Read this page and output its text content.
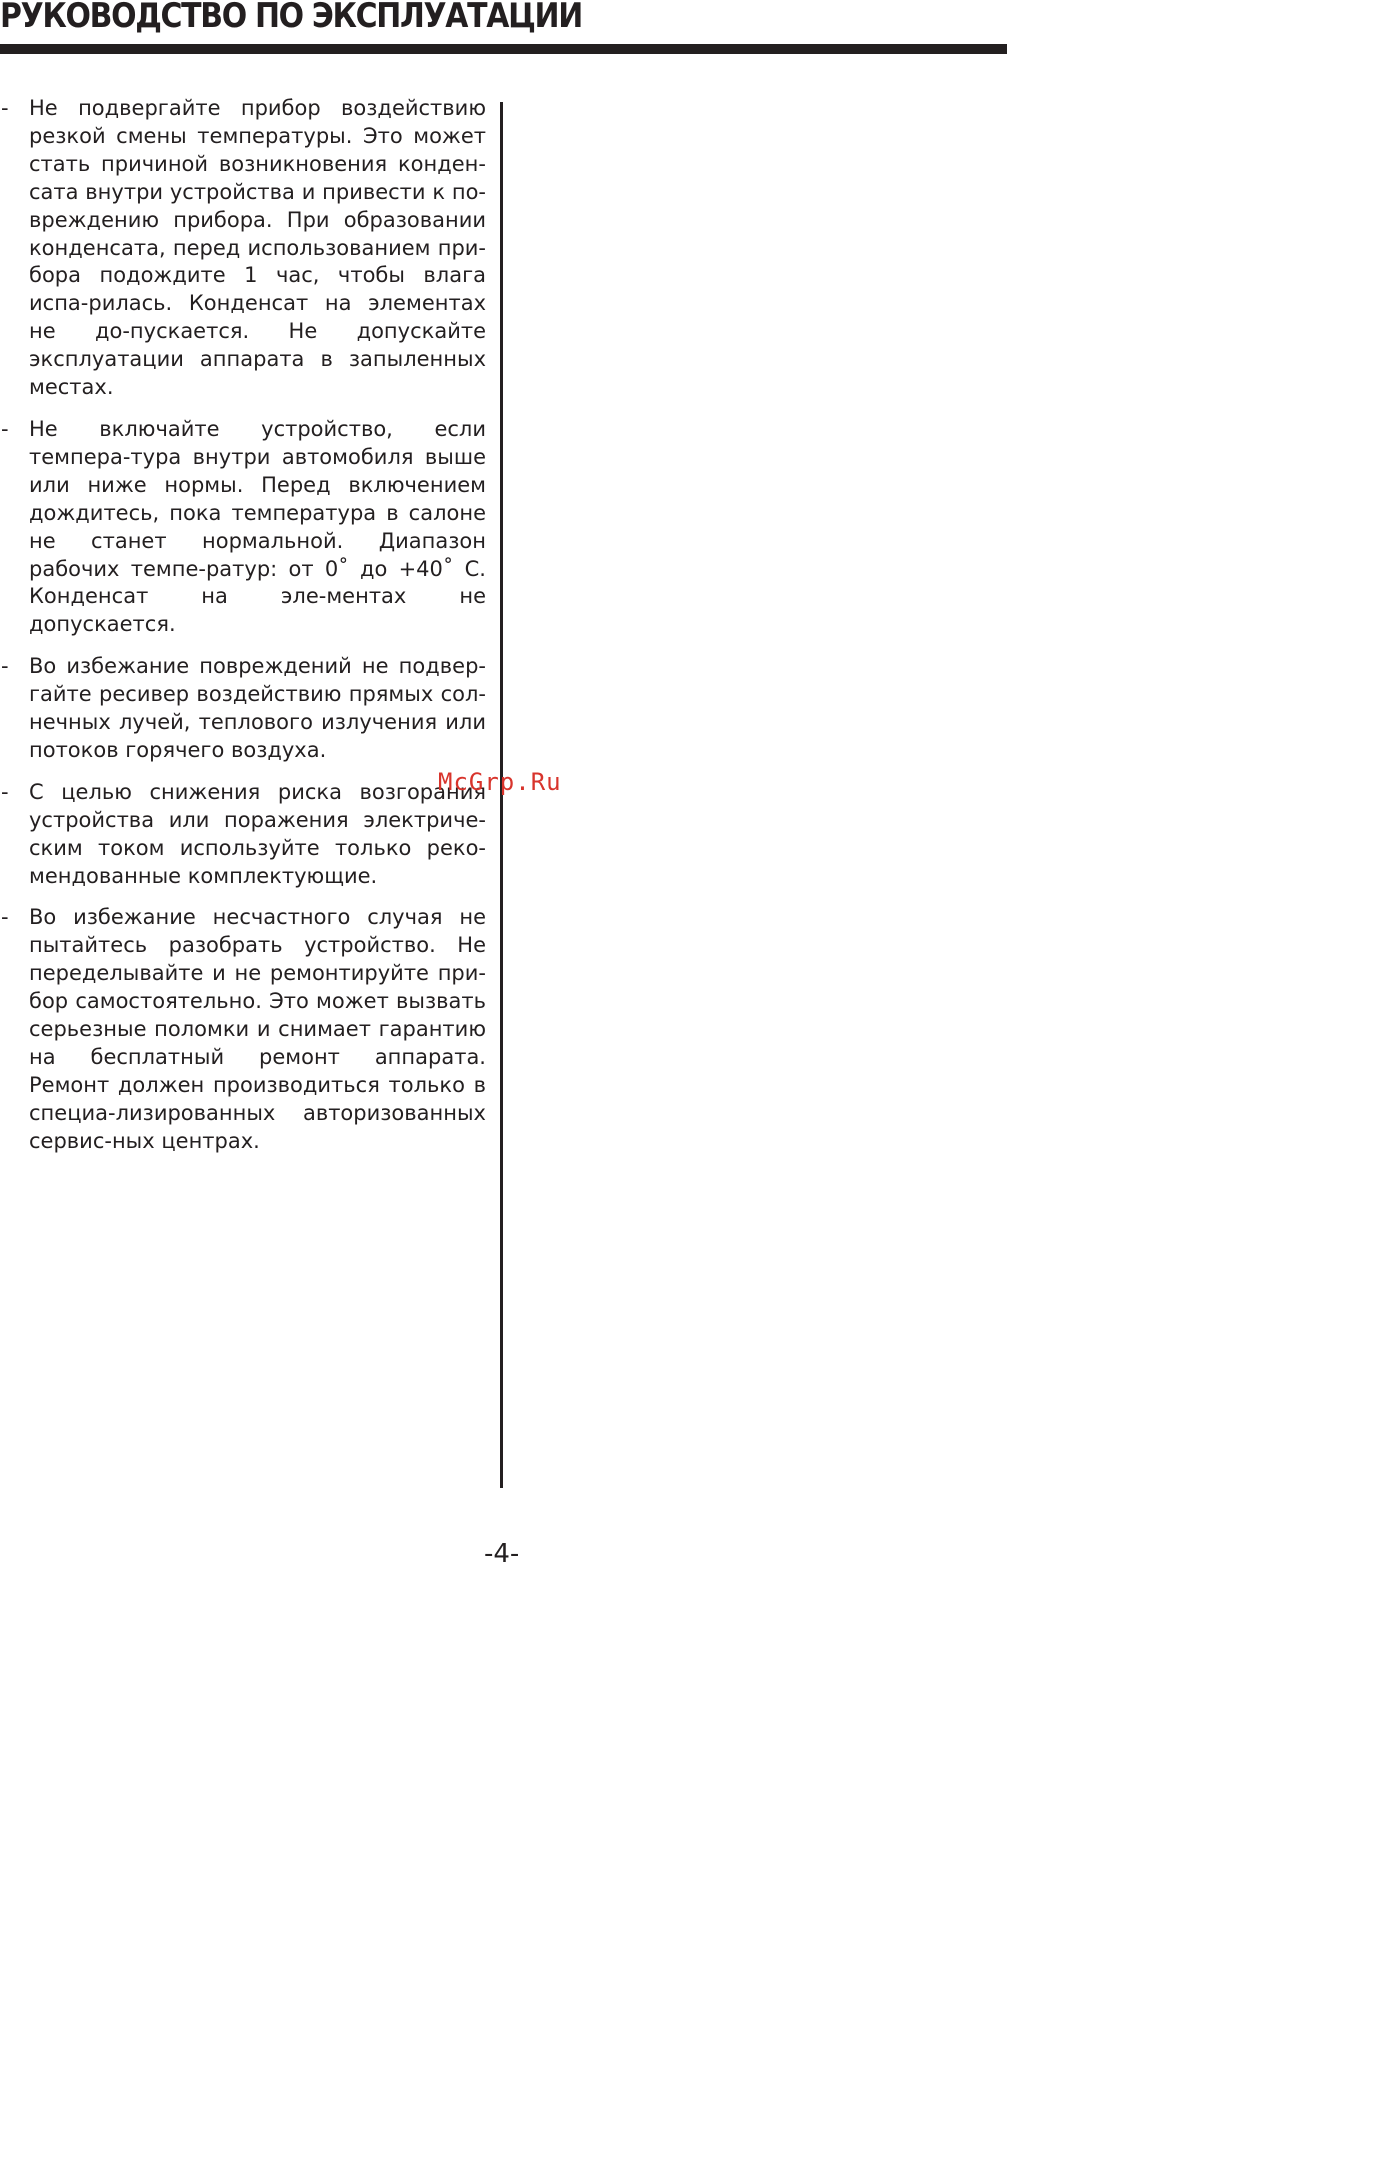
РУКОВОДСТВО ПО ЭКСПЛУАТАЦИИ
- Не подвергайте прибор воздействию резкой смены температуры. Это может стать причиной возникновения конден-сата внутри устройства и привести к по-вреждению прибора. При образовании конденсата, перед использованием при-бора подождите 1 час, чтобы влага испа-рилась. Конденсат на элементах не до-пускается. Не допускайте эксплуатации аппарата в запыленных местах.
- Не включайте устройство, если темпера-тура внутри автомобиля выше или ниже нормы. Перед включением дождитесь, пока температура в салоне не станет нормальной. Диапазон рабочих темпе-ратур: от 0˚ до +40˚ С. Конденсат на эле-ментах не допускается.
- Во избежание повреждений не подвер-гайте ресивер воздействию прямых сол-нечных лучей, теплового излучения или потоков горячего воздуха.
- С целью снижения риска возгорания устройства или поражения электриче-ским током используйте только реко-мендованные комплектующие.
- Во избежание несчастного случая не пытайтесь разобрать устройство. Не переделывайте и не ремонтируйте при-бор самостоятельно. Это может вызвать серьезные поломки и снимает гарантию на бесплатный ремонт аппарата. Ремонт должен производиться только в специа-лизированных авторизованных сервис-ных центрах.
McGrp.Ru
-4-
